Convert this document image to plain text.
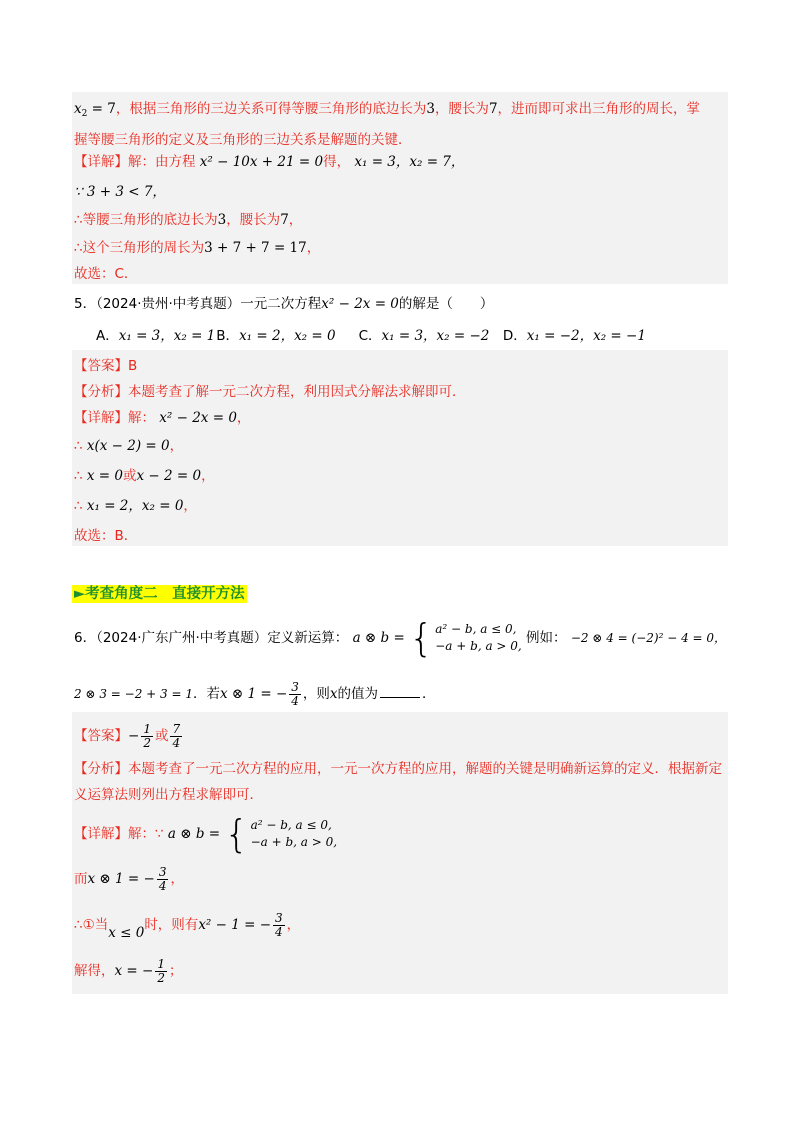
$x_2 = 7$，根据三角形的三边关系可得等腰三角形的底边长为3，腰长为7，进而即可求出三角形的周长，掌
握等腰三角形的定义及三角形的三边关系是解题的关键．
【详解】解：由方程 x² − 10x + 21 = 0得， x₁ = 3，x₂ = 7，
∵ 3 + 3 < 7，
∴等腰三角形的底边长为3，腰长为7，
∴这个三角形的周长为3 + 7 + 7 = 17，
故选：C．
5．（2024·贵州·中考真题）一元二次方程x² − 2x = 0的解是（　　）
A．x₁ = 3，x₂ = 1 B．x₁ = 2，x₂ = 0 C．x₁ = 3，x₂ = −2 D．x₁ = −2，x₂ = −1
【答案】B
【分析】本题考查了解一元二次方程，利用因式分解法求解即可．
【详解】解： x² − 2x = 0，
∴ x(x − 2) = 0，
∴ x = 0或x − 2 = 0，
∴ x₁ = 2，x₂ = 0，
故选：B．
►考查角度二　直接开方法
6．（2024·广东广州·中考真题）定义新运算： a ⊗ b = { a² − b, a ≤ 0,
−a + b, a > 0, 例如： −2 ⊗ 4 = (−2)² − 4 = 0，
2 ⊗ 3 = −2 + 3 = 1．若x ⊗ 1 = − $\frac{3}{4}$ ，则x的值为	．
【答案】− $\frac{1}{2}$ 或 $\frac{7}{4}$
【分析】本题考查了一元二次方程的应用，一元一次方程的应用，解题的关键是明确新运算的定义．根据新定义运算法则列出方程求解即可．
【详解】解：∵ a ⊗ b = { a² − b, a ≤ 0,
−a + b, a > 0,
而x ⊗ 1 = − $\frac{3}{4}$ ，
∴①当x ≤ 0时，则有x² − 1 = − $\frac{3}{4}$ ，
解得，x = − $\frac{1}{2}$ ；
